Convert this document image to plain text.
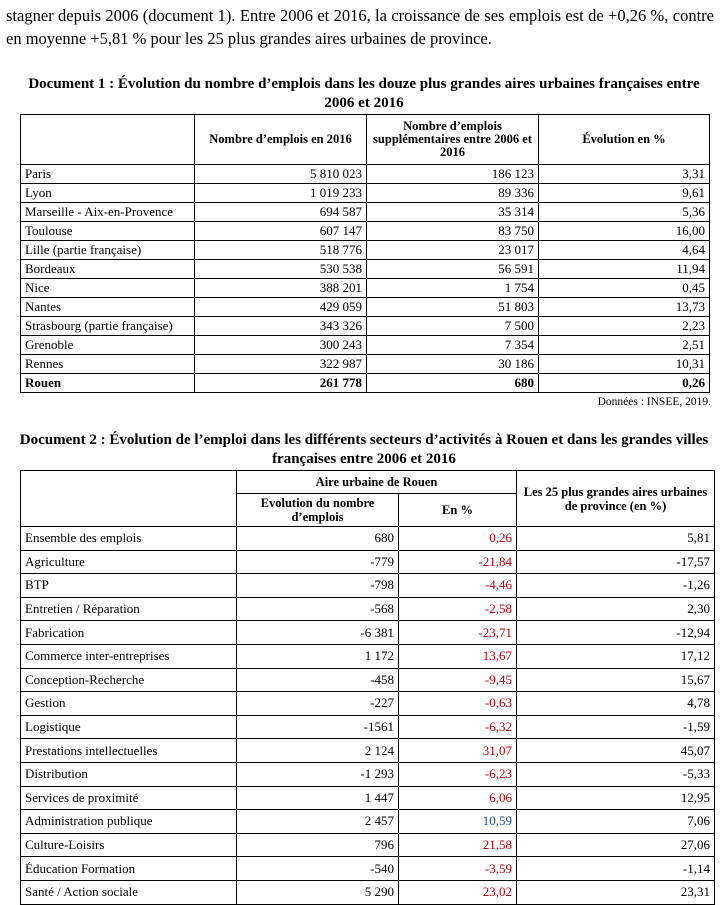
stagner depuis 2006 (document 1). Entre 2006 et 2016, la croissance de ses emplois est de +0,26 %, contre en moyenne +5,81 % pour les 25 plus grandes aires urbaines de province.

Document 1 : Évolution du nombre d’emplois dans les douze plus grandes aires urbaines françaises entre 2006 et 2016
	Nombre d’emplois en 2016	Nombre d’emplois supplémentaires entre 2006 et 2016	Évolution en %
Paris	5 810 023	186 123	3,31
Lyon	1 019 233	89 336	9,61
Marseille - Aix-en-Provence	694 587	35 314	5,36
Toulouse	607 147	83 750	16,00
Lille (partie française)	518 776	23 017	4,64
Bordeaux	530 538	56 591	11,94
Nice	388 201	1 754	0,45
Nantes	429 059	51 803	13,73
Strasbourg (partie française)	343 326	7 500	2,23
Grenoble	300 243	7 354	2,51
Rennes	322 987	30 186	10,31
Rouen	261 778	680	0,26
Données : INSEE, 2019.
Document 2 : Évolution de l’emploi dans les différents secteurs d’activités à Rouen et dans les grandes villes françaises entre 2006 et 2016
	Aire urbaine de Rouen		Les 25 plus grandes aires urbaines de province (en %)
	Evolution du nombre d’emplois	En %	
Ensemble des emplois	680	0,26	5,81
Agriculture	-779	-21,84	-17,57
BTP	-798	-4,46	-1,26
Entretien / Réparation	-568	-2,58	2,30
Fabrication	-6 381	-23,71	-12,94
Commerce inter-entreprises	1 172	13,67	17,12
Conception-Recherche	-458	-9,45	15,67
Gestion	-227	-0,63	4,78
Logistique	-1561	-6,32	-1,59
Prestations intellectuelles	2 124	31,07	45,07
Distribution	-1 293	-6,23	-5,33
Services de proximité	1 447	6,06	12,95
Administration publique	2 457	10,59	7,06
Culture-Loisirs	796	21,58	27,06
Éducation Formation	-540	-3,59	-1,14
Santé / Action sociale	5 290	23,02	23,31
